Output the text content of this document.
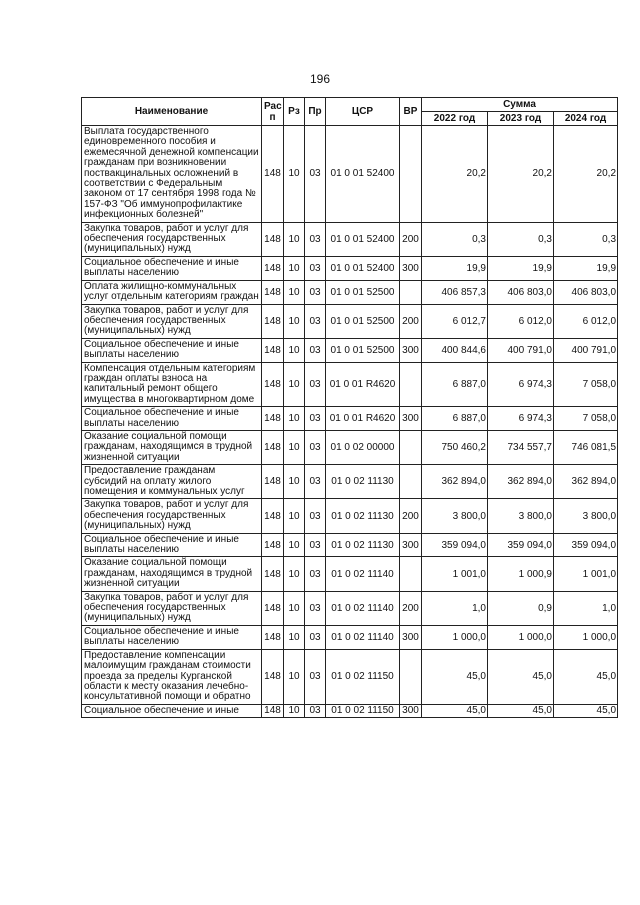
196
Наименование	Рас п	Рз	Пр	ЦСР	ВР	Сумма		
						2022 год	2023 год	2024 год
Выплата государственного единовременного пособия и ежемесячной денежной компенсации гражданам при возникновении поствакцинальных осложнений в соответствии с Федеральным законом от 17 сентября 1998 года № 157-ФЗ "Об иммунопрофилактике инфекционных болезней"	148	10	03	01 0 01 52400		20,2	20,2	20,2
Закупка товаров, работ и услуг для обеспечения государственных (муниципальных) нужд	148	10	03	01 0 01 52400	200	0,3	0,3	0,3
Социальное обеспечение и иные выплаты населению	148	10	03	01 0 01 52400	300	19,9	19,9	19,9
Оплата жилищно-коммунальных услуг отдельным категориям граждан	148	10	03	01 0 01 52500		406 857,3	406 803,0	406 803,0
Закупка товаров, работ и услуг для обеспечения государственных (муниципальных) нужд	148	10	03	01 0 01 52500	200	6 012,7	6 012,0	6 012,0
Социальное обеспечение и иные выплаты населению	148	10	03	01 0 01 52500	300	400 844,6	400 791,0	400 791,0
Компенсация отдельным категориям граждан оплаты взноса на капитальный ремонт общего имущества в многоквартирном доме	148	10	03	01 0 01 R4620		6 887,0	6 974,3	7 058,0
Социальное обеспечение и иные выплаты населению	148	10	03	01 0 01 R4620	300	6 887,0	6 974,3	7 058,0
Оказание социальной помощи гражданам, находящимся в трудной жизненной ситуации	148	10	03	01 0 02 00000		750 460,2	734 557,7	746 081,5
Предоставление гражданам субсидий на оплату жилого помещения и коммунальных услуг	148	10	03	01 0 02 11130		362 894,0	362 894,0	362 894,0
Закупка товаров, работ и услуг для обеспечения государственных (муниципальных) нужд	148	10	03	01 0 02 11130	200	3 800,0	3 800,0	3 800,0
Социальное обеспечение и иные выплаты населению	148	10	03	01 0 02 11130	300	359 094,0	359 094,0	359 094,0
Оказание социальной помощи гражданам, находящимся в трудной жизненной ситуации	148	10	03	01 0 02 11140		1 001,0	1 000,9	1 001,0
Закупка товаров, работ и услуг для обеспечения государственных (муниципальных) нужд	148	10	03	01 0 02 11140	200	1,0	0,9	1,0
Социальное обеспечение и иные выплаты населению	148	10	03	01 0 02 11140	300	1 000,0	1 000,0	1 000,0
Предоставление компенсации малоимущим гражданам стоимости проезда за пределы Курганской области к месту оказания лечебно-консультативной помощи и обратно	148	10	03	01 0 02 11150		45,0	45,0	45,0
Социальное обеспечение и иные	148	10	03	01 0 02 11150	300	45,0	45,0	45,0
